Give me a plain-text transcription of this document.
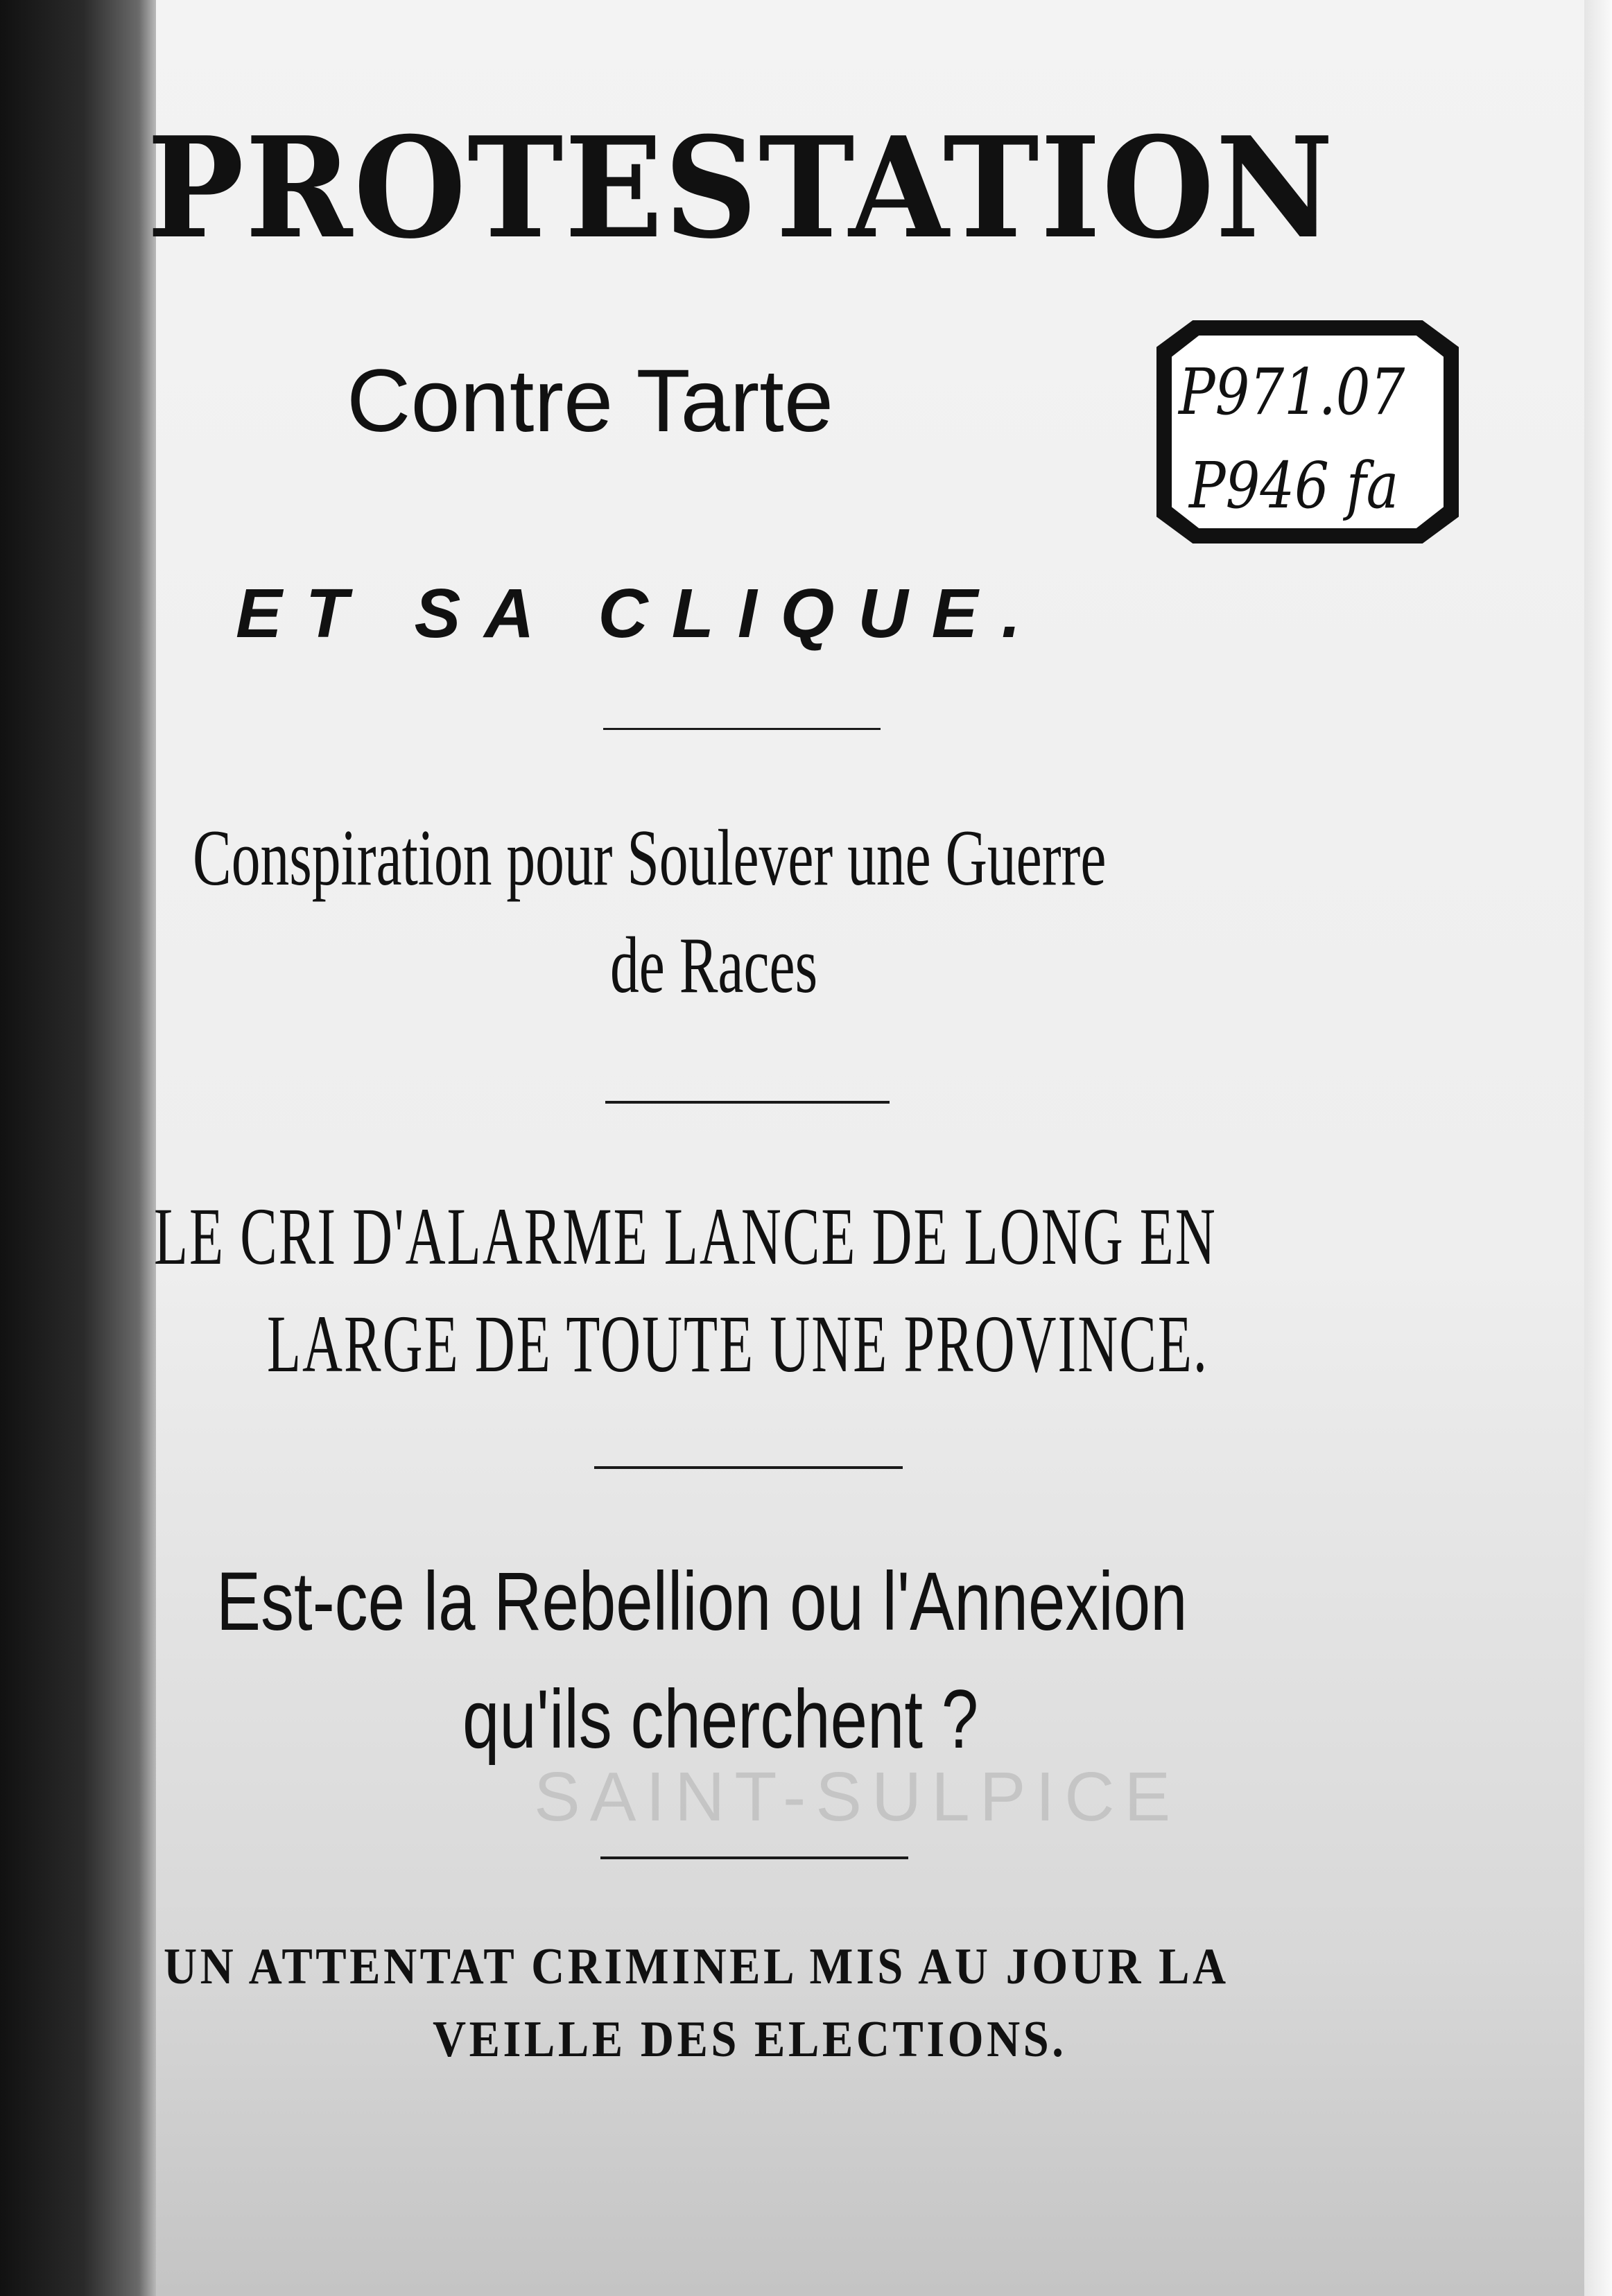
PROTESTATION
Contre Tarte	P971.07
P946 fa
ET SA CLIQUE.
Conspiration pour Soulever une Guerre
de Races
LE CRI D'ALARME LANCE DE LONG EN
LARGE DE TOUTE UNE PROVINCE.
Est-ce la Rebellion ou l'Annexion
qu'ils cherchent ?
SAINT-SULPICE
UN ATTENTAT CRIMINEL MIS AU JOUR LA
VEILLE DES ELECTIONS.
